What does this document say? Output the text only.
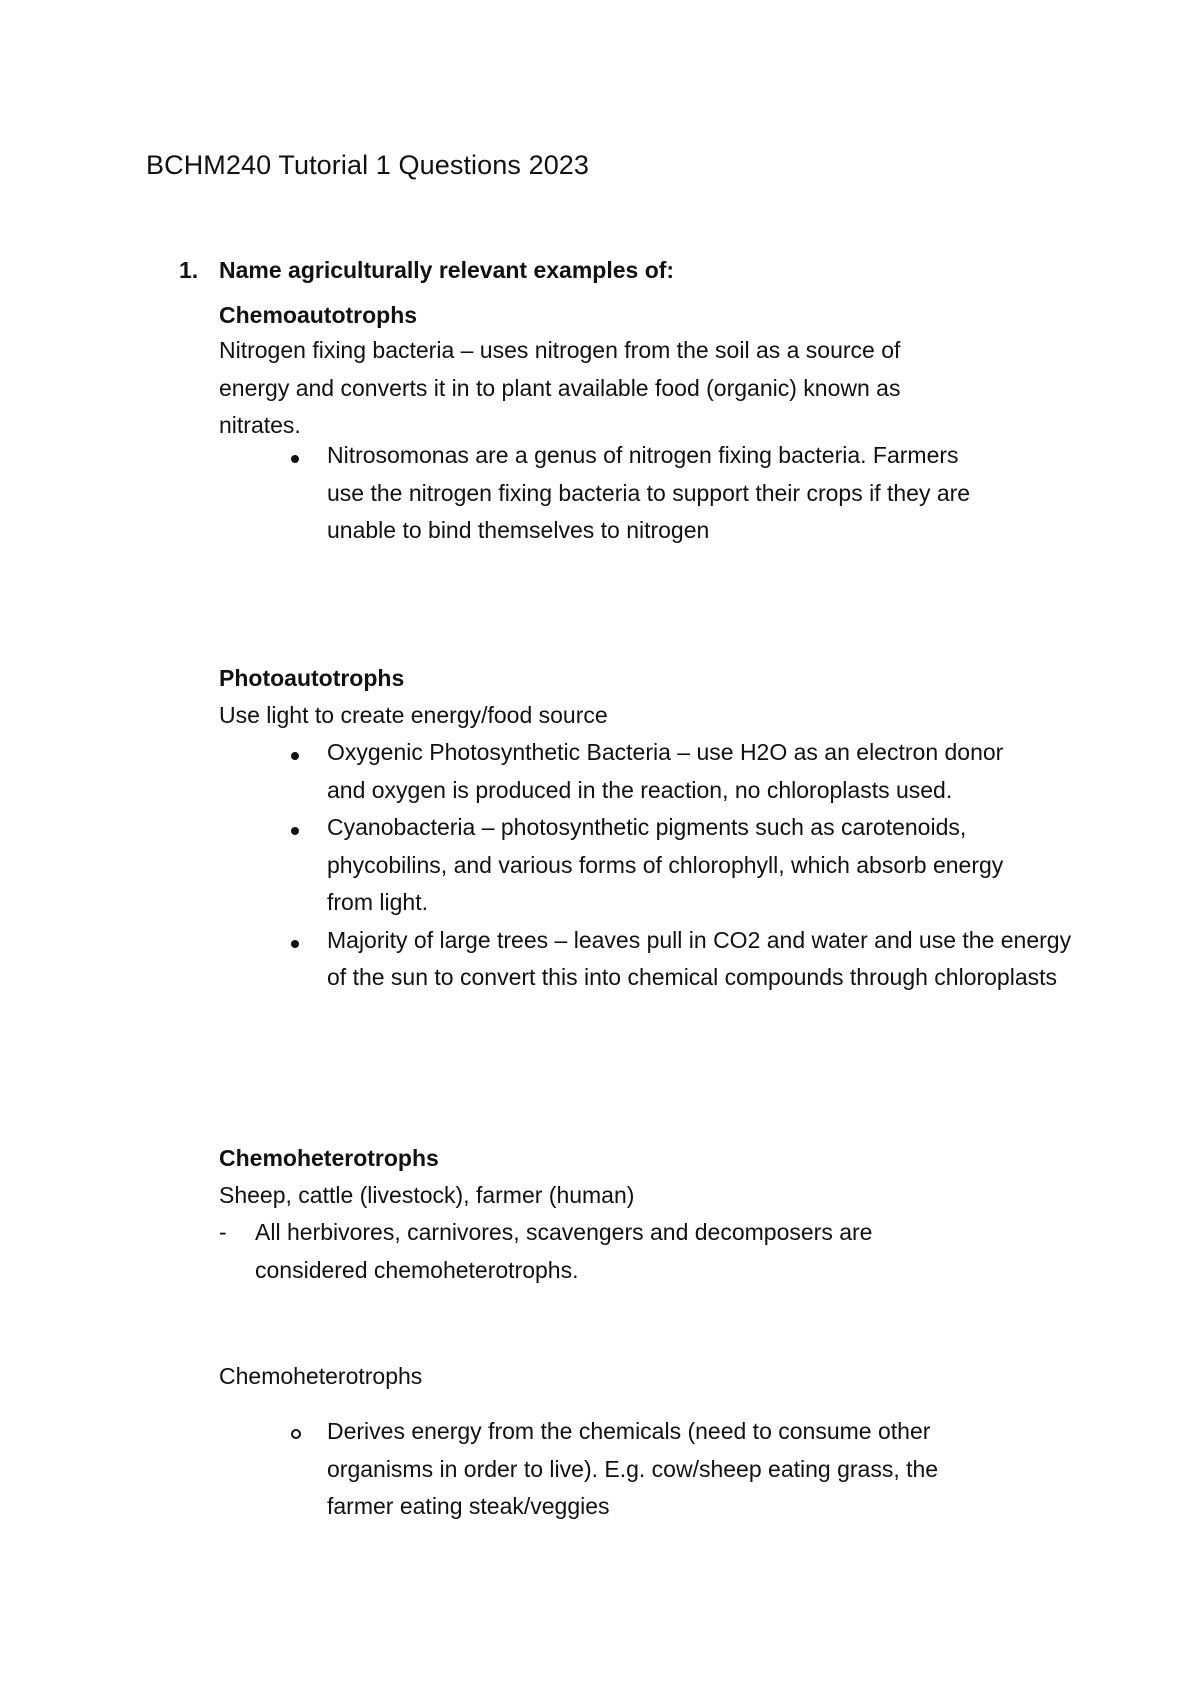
BCHM240 Tutorial 1 Questions 2023
1. Name agriculturally relevant examples of:

Chemoautotrophs

Nitrogen fixing bacteria – uses nitrogen from the soil as a source of energy and converts it in to plant available food (organic) known as nitrates.

Nitrosomonas are a genus of nitrogen fixing bacteria. Farmers use the nitrogen fixing bacteria to support their crops if they are unable to bind themselves to nitrogen

Photoautotrophs

Use light to create energy/food source

Oxygenic Photosynthetic Bacteria – use H2O as an electron donor and oxygen is produced in the reaction, no chloroplasts used.
Cyanobacteria – photosynthetic pigments such as carotenoids, phycobilins, and various forms of chlorophyll, which absorb energy from light.
Majority of large trees – leaves pull in CO2 and water and use the energy of the sun to convert this into chemical compounds through chloroplasts

Chemoheterotrophs

Sheep, cattle (livestock), farmer (human)

- All herbivores, carnivores, scavengers and decomposers are considered chemoheterotrophs.

Chemoheterotrophs

Derives energy from the chemicals (need to consume other organisms in order to live). E.g. cow/sheep eating grass, the farmer eating steak/veggies
